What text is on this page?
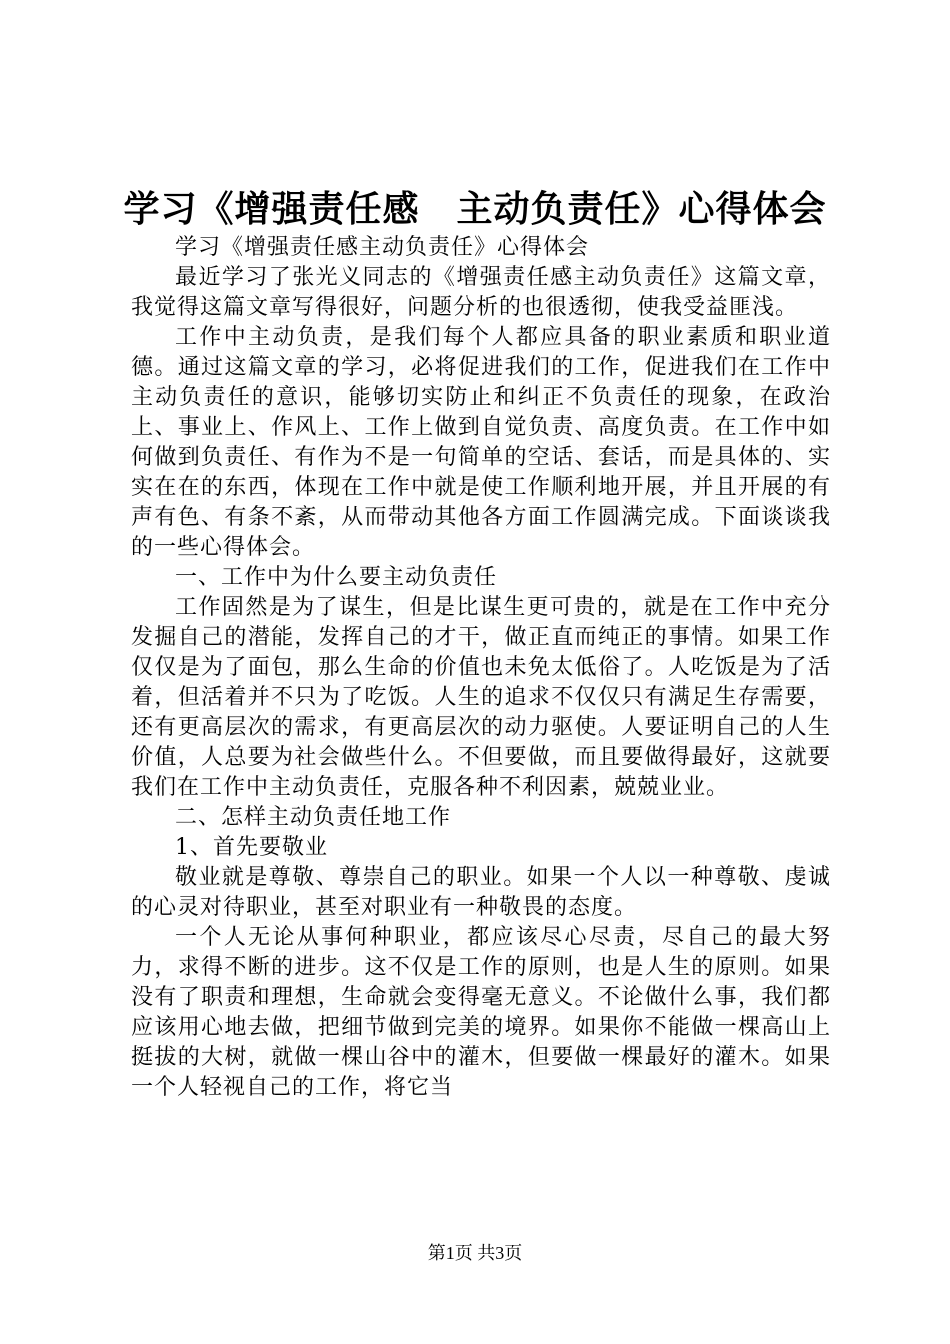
学习《增强责任感　主动负责任》心得体会

学习《增强责任感主动负责任》心得体会

最近学习了张光义同志的《增强责任感主动负责任》这篇文章，我觉得这篇文章写得很好，问题分析的也很透彻，使我受益匪浅。

工作中主动负责，是我们每个人都应具备的职业素质和职业道德。通过这篇文章的学习，必将促进我们的工作，促进我们在工作中主动负责任的意识，能够切实防止和纠正不负责任的现象，在政治上、事业上、作风上、工作上做到自觉负责、高度负责。在工作中如何做到负责任、有作为不是一句简单的空话、套话，而是具体的、实实在在的东西，体现在工作中就是使工作顺利地开展，并且开展的有声有色、有条不紊，从而带动其他各方面工作圆满完成。下面谈谈我的一些心得体会。

一、工作中为什么要主动负责任

工作固然是为了谋生，但是比谋生更可贵的，就是在工作中充分发掘自己的潜能，发挥自己的才干，做正直而纯正的事情。如果工作仅仅是为了面包，那么生命的价值也未免太低俗了。人吃饭是为了活着，但活着并不只为了吃饭。人生的追求不仅仅只有满足生存需要，还有更高层次的需求，有更高层次的动力驱使。人要证明自己的人生价值，人总要为社会做些什么。不但要做，而且要做得最好，这就要我们在工作中主动负责任，克服各种不利因素，兢兢业业。

二、怎样主动负责任地工作

1、首先要敬业

敬业就是尊敬、尊崇自己的职业。如果一个人以一种尊敬、虔诚的心灵对待职业，甚至对职业有一种敬畏的态度。

一个人无论从事何种职业，都应该尽心尽责，尽自己的最大努力，求得不断的进步。这不仅是工作的原则，也是人生的原则。如果没有了职责和理想，生命就会变得毫无意义。不论做什么事，我们都应该用心地去做，把细节做到完美的境界。如果你不能做一棵高山上挺拔的大树，就做一棵山谷中的灌木，但要做一棵最好的灌木。如果一个人轻视自己的工作，将它当

第1页 共3页
